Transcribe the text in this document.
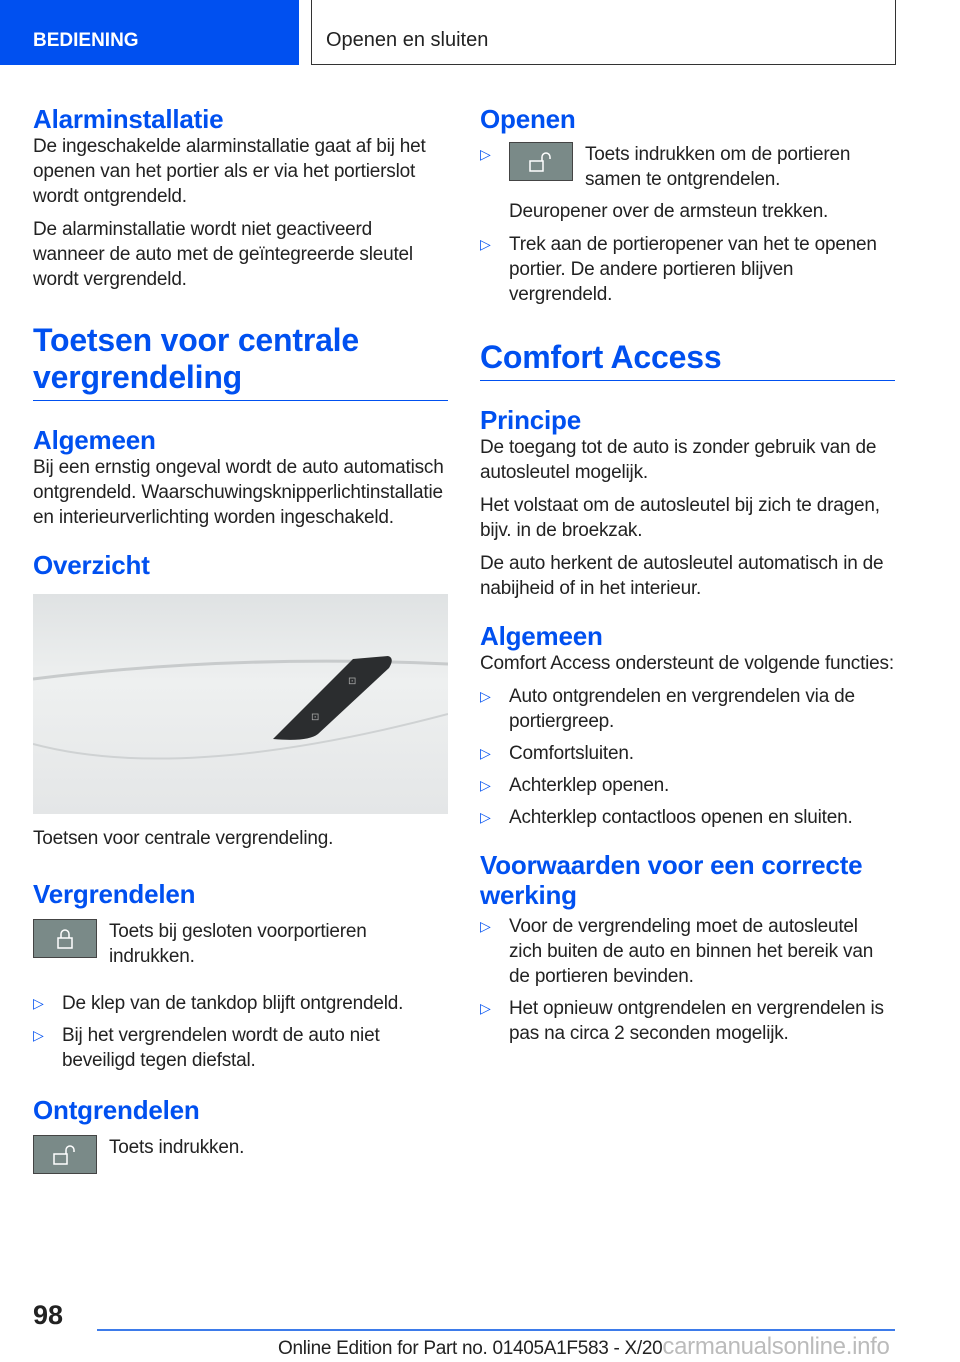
BEDIENING	Openen en sluiten
Alarminstallatie

De ingeschakelde alarminstallatie gaat af bij het openen van het portier als er via het portierslot wordt ontgrendeld.

De alarminstallatie wordt niet geactiveerd wanneer de auto met de geïntegreerde sleutel wordt vergrendeld.

Toetsen voor centrale vergrendeling
Algemeen

Bij een ernstig ongeval wordt de auto automatisch ontgrendeld. Waarschuwingsknipperlichtinstallatie en interieurverlichting worden ingeschakeld.

Overzicht
⊡
⊡

Toetsen voor centrale vergrendeling.

Vergrendelen

Toets bij gesloten voorportieren indrukken.

▷ De klep van de tankdop blijft ontgrendeld.
▷ Bij het vergrendelen wordt de auto niet beveiligd tegen diefstal.
Ontgrendelen

Toets indrukken.

Openen
▷ Toets indrukken om de portieren samen te ontgrendelen.

Deuropener over de armsteun trekken.

▷ Trek aan de portieropener van het te openen portier. De andere portieren blijven vergrendeld.
Comfort Access
Principe

De toegang tot de auto is zonder gebruik van de autosleutel mogelijk.

Het volstaat om de autosleutel bij zich te dragen, bijv. in de broekzak.

De auto herkent de autosleutel automatisch in de nabijheid of in het interieur.

Algemeen

Comfort Access ondersteunt de volgende functies:

▷ Auto ontgrendelen en vergrendelen via de portiergreep.
▷ Comfortsluiten.
▷ Achterklep openen.
▷ Achterklep contactloos openen en sluiten.
Voorwaarden voor een correcte werking
▷ Voor de vergrendeling moet de autosleutel zich buiten de auto en binnen het bereik van de portieren bevinden.
▷ Het opnieuw ontgrendelen en vergrendelen is pas na circa 2 seconden mogelijk.
98
Online Edition for Part no. 01405A1F583 - X/20carmanualsonline.info
